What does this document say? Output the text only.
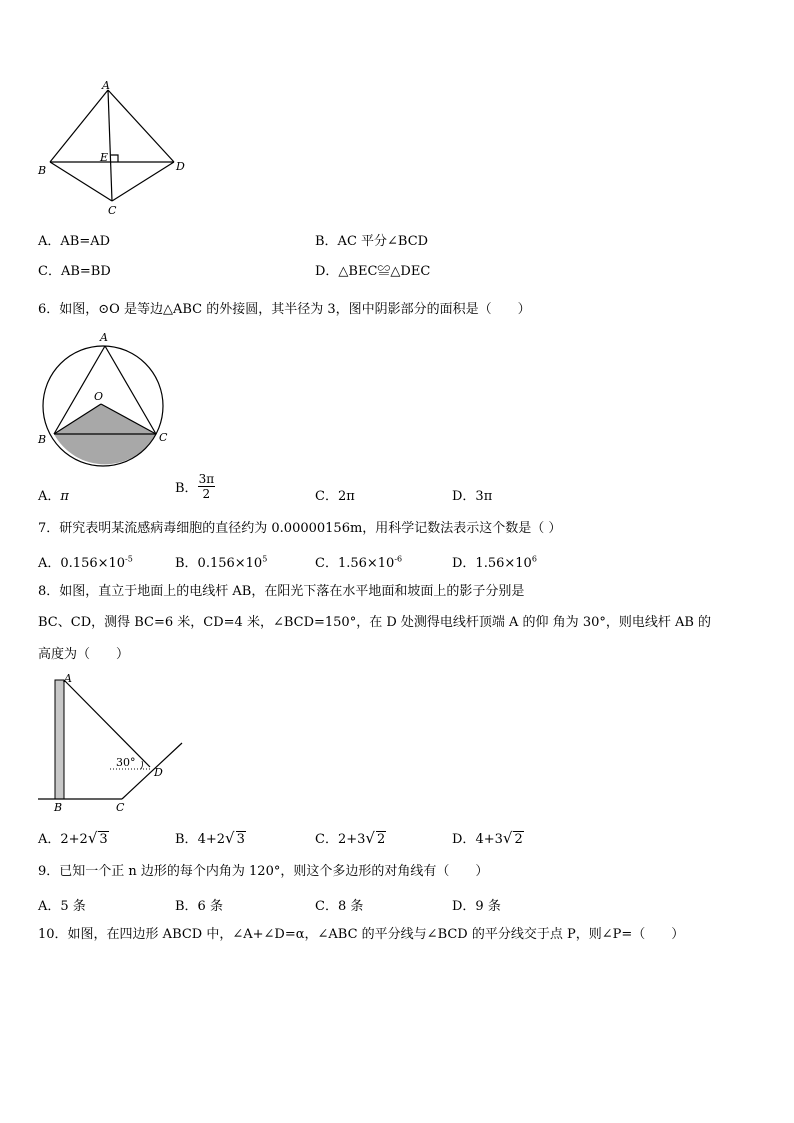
A
B
E
D
C
A．AB=AD	B．AC 平分∠BCD
C．AB=BD	D．△BEC≌△DEC
6．如图，⊙O 是等边△ABC 的外接圆，其半径为 3，图中阴影部分的面积是（　　）
A
O
B	C
A．π
B． $\frac{3\pi}{2}$	C．2π	D．3π
7．研究表明某流感病毒细胞的直径约为 0.00000156m，用科学记数法表示这个数是（ ）
A．$0.156\times 10^{-5}$	B．$0.156\times 10^5$	C．$1.56\times 10^{-6}$	D．$1.56\times 10^6$
8．如图，直立于地面上的电线杆 AB，在阳光下落在水平地面和坡面上的影子分别是
BC、CD，测得 BC=6 米，CD=4 米，∠BCD=150°，在 D 处测得电线杆顶端 A 的仰 角为 30°，则电线杆 AB 的
高度为（　　）
30°
A
B	C
D
A．2+2√ 3	B．4+2√ 3	C．2+3√ 2	D．4+3√ 2
9．已知一个正 n 边形的每个内角为 120°，则这个多边形的对角线有（　　）
A．5 条	B．6 条	C．8 条	D．9 条
10．如图，在四边形 ABCD 中，∠A+∠D=α，∠ABC 的平分线与∠BCD 的平分线交于点 P，则∠P=（　　）
